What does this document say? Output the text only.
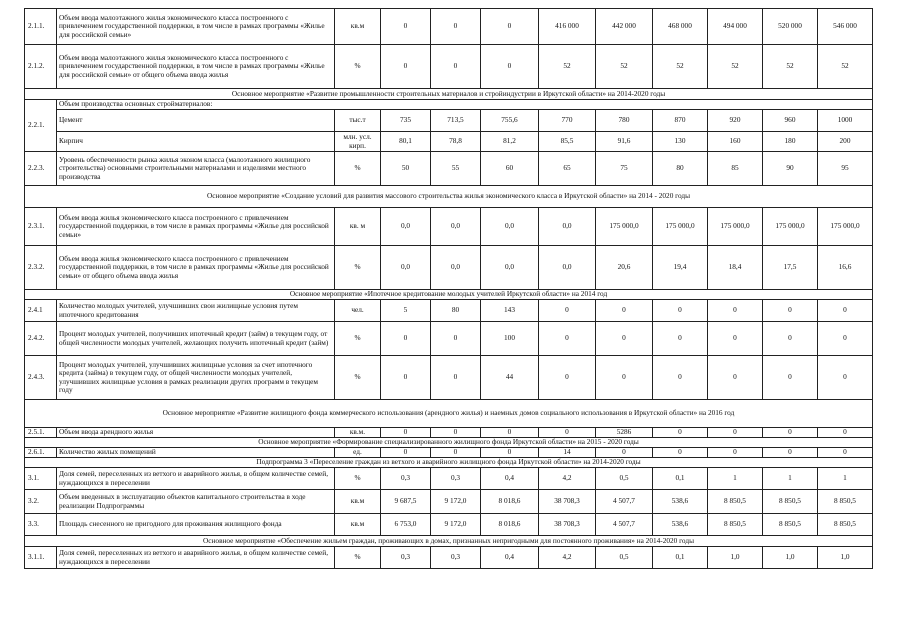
2.1.1.	Объем ввода малоэтажного жилья экономического класса построенного с привлечением государственной поддержки, в том числе в рамках программы «Жилье для российской семьи»	кв.м	0	0	0	416 000	442 000	468 000	494 000	520 000	546 000
2.1.2.	Объем ввода малоэтажного жилья экономического класса построенного с привлечением государственной поддержки, в том числе в рамках программы «Жилье для российской семьи» от общего объема ввода жилья	%	0	0	0	52	52	52	52	52	52
Основное мероприятие «Развитие промышленности строительных материалов и стройиндустрии в Иркутской области» на 2014-2020 годы											
2.2.1.	Объем производства основных стройматериалов:										
	Цемент	тыс.т	735	713,5	755,6	770	780	870	920	960	1000
	Кирпич	млн. усл. кирп.	80,1	78,8	81,2	85,5	91,6	130	160	180	200
2.2.3.	Уровень обеспеченности рынка жилья эконом класса (малоэтажного жилищного строительства) основными строительными материалами и изделиями местного производства	%	50	55	60	65	75	80	85	90	95
Основное мероприятие «Создание условий для развития массового строительства жилья экономического класса в Иркутской области» на 2014 - 2020 годы											
2.3.1.	Объем ввода жилья экономического класса построенного с привлечением государственной поддержки, в том числе в рамках программы «Жилье для российской семьи»	кв. м	0,0	0,0	0,0	0,0	175 000,0	175 000,0	175 000,0	175 000,0	175 000,0
2.3.2.	Объем ввода жилья экономического класса построенного с привлечением государственной поддержки, в том числе в рамках программы «Жилье для российской семьи» от общего объема ввода жилья	%	0,0	0,0	0,0	0,0	20,6	19,4	18,4	17,5	16,6
Основное мероприятие «Ипотечное кредитование молодых учителей Иркутской области» на 2014 год											
2.4.1	Количество молодых учителей, улучшивших свои жилищные условия путем ипотечного кредитования	чел.	5	80	143	0	0	0	0	0	0
2.4.2.	Процент молодых учителей, получивших ипотечный кредит (займ) в текущем году, от общей численности молодых учителей, желающих получить ипотечный кредит (займ)	%	0	0	100	0	0	0	0	0	0
2.4.3.	Процент молодых учителей, улучшивших жилищные условия за счет ипотечного кредита (займа) в текущем году, от общей численности молодых учителей, улучшивших жилищные условия в рамках реализации других программ в текущем году	%	0	0	44	0	0	0	0	0	0
Основное мероприятие «Развитие жилищного фонда коммерческого использования (арендного жилья) и наемных домов социального использования в Иркутской области» на 2016 год											
2.5.1.	Объем ввода арендного жилья	кв.м.	0	0	0	0	5286	0	0	0	0
Основное мероприятие «Формирование специализированного жилищного фонда Иркутской области» на 2015 - 2020 годы											
2.6.1.	Количество жилых помещений	ед.	0	0	0	14	0	0	0	0	0
Подпрограмма 3 «Переселение граждан из ветхого и аварийного жилищного фонда Иркутской области» на 2014-2020 годы											
3.1.	Доля семей, переселенных из ветхого и аварийного жилья, в общем количестве семей, нуждающихся в переселении	%	0,3	0,3	0,4	4,2	0,5	0,1	1	1	1
3.2.	Объем введенных в эксплуатацию объектов капитального строительства в ходе реализации Подпрограммы	кв.м	9 687,5	9 172,0	8 018,6	38 708,3	4 507,7	538,6	8 850,5	8 850,5	8 850,5
3.3.	Площадь снесенного не пригодного для проживания жилищного фонда	кв.м	6 753,0	9 172,0	8 018,6	38 708,3	4 507,7	538,6	8 850,5	8 850,5	8 850,5
Основное мероприятие «Обеспечение жильем граждан, проживающих в домах, признанных непригодными для постоянного проживания» на 2014-2020 годы											
3.1.1.	Доля семей, переселенных из ветхого и аварийного жилья, в общем количестве семей, нуждающихся в переселении	%	0,3	0,3	0,4	4,2	0,5	0,1	1,0	1,0	1,0
